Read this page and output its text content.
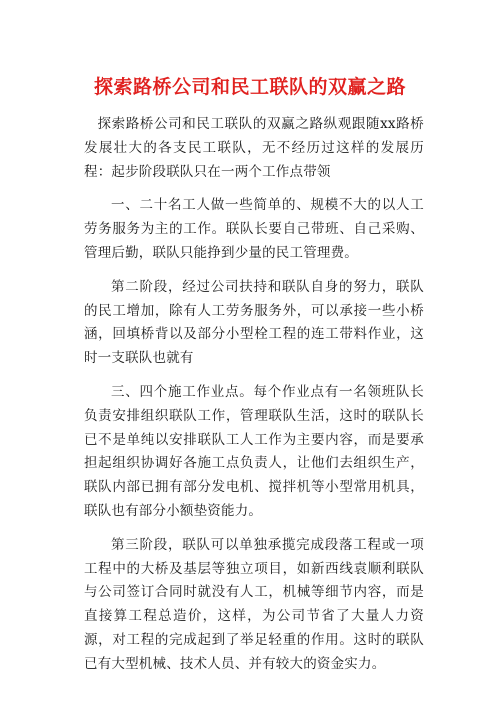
探索路桥公司和民工联队的双赢之路

探索路桥公司和民工联队的双赢之路纵观跟随xx路桥发展壮大的各支民工联队，无不经历过这样的发展历程：起步阶段联队只在一两个工作点带领

一、二十名工人做一些简单的、规模不大的以人工劳务服务为主的工作。联队长要自己带班、自己采购、管理后勤，联队只能挣到少量的民工管理费。

第二阶段，经过公司扶持和联队自身的努力，联队的民工增加，除有人工劳务服务外，可以承接一些小桥涵，回填桥背以及部分小型栓工程的连工带料作业，这时一支联队也就有

三、四个施工作业点。每个作业点有一名领班队长负责安排组织联队工作，管理联队生活，这时的联队长已不是单纯以安排联队工人工作为主要内容，而是要承担起组织协调好各施工点负责人，让他们去组织生产，联队内部已拥有部分发电机、搅拌机等小型常用机具，联队也有部分小额垫资能力。

第三阶段，联队可以单独承揽完成段落工程或一项工程中的大桥及基层等独立项目，如新西线袁顺利联队与公司签订合同时就没有人工，机械等细节内容，而是直接算工程总造价，这样，为公司节省了大量人力资源，对工程的完成起到了举足轻重的作用。这时的联队已有大型机械、技术人员、并有较大的资金实力。
